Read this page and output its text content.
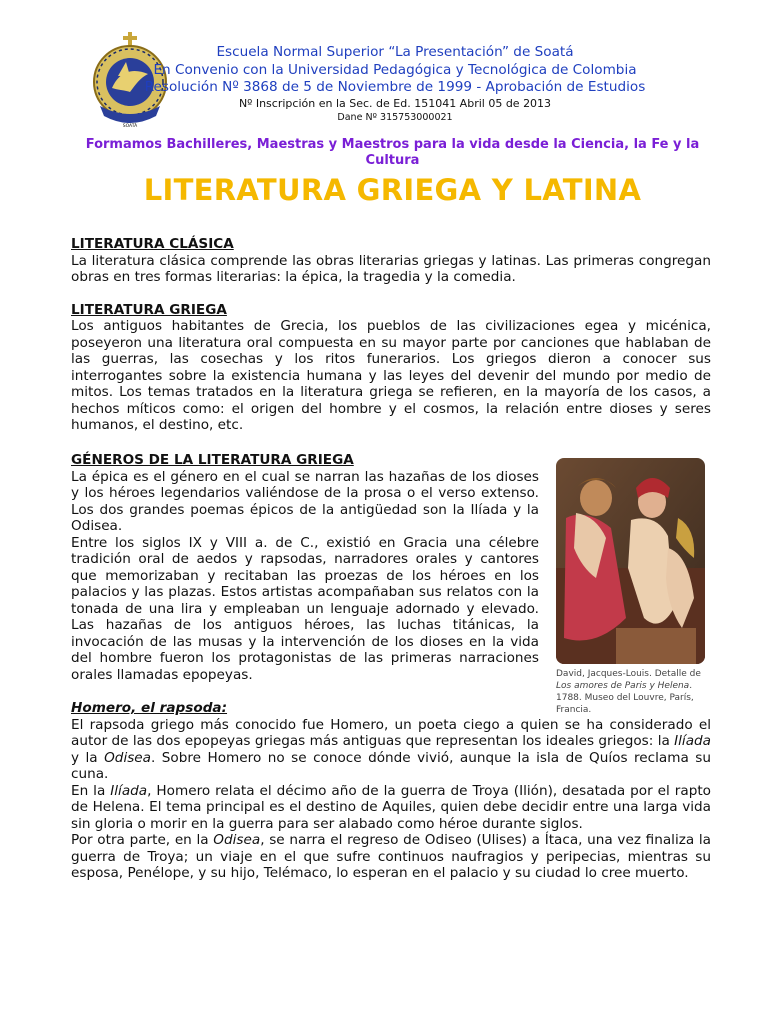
SOATÁ
Escuela Normal Superior “La Presentación” de Soatá
En Convenio con la Universidad Pedagógica y Tecnológica de Colombia
Resolución Nº 3868 de 5 de Noviembre de 1999 - Aprobación de Estudios
Nº Inscripción en la Sec. de Ed. 151041 Abril 05 de 2013
Dane Nº 315753000021
Formamos Bachilleres, Maestras y Maestros para la vida desde la Ciencia, la Fe y la Cultura
LITERATURA GRIEGA Y LATINA
LITERATURA CLÁSICA

La literatura clásica comprende las obras literarias griegas y latinas. Las primeras congregan obras en tres formas literarias: la épica, la tragedia y la comedia.

LITERATURA GRIEGA

Los antiguos habitantes de Grecia, los pueblos de las civilizaciones egea y micénica, poseyeron una literatura oral compuesta en su mayor parte por canciones que hablaban de las guerras, las cosechas y los ritos funerarios. Los griegos dieron a conocer sus interrogantes sobre la existencia humana y las leyes del devenir del mundo por medio de mitos. Los temas tratados en la literatura griega se refieren, en la mayoría de los casos, a hechos míticos como: el origen del hombre y el cosmos, la relación entre dioses y seres humanos, el destino, etc.

GÉNEROS DE LA LITERATURA GRIEGA

La épica es el género en el cual se narran las hazañas de los dioses y los héroes legendarios valiéndose de la prosa o el verso extenso. Los dos grandes poemas épicos de la antigüedad son la Ilíada y la Odisea.

Entre los siglos IX y VIII a. de C., existió en Gracia una célebre tradición oral de aedos y rapsodas, narradores orales y cantores que memorizaban y recitaban las proezas de los héroes en los palacios y las plazas. Estos artistas acompañaban sus relatos con la tonada de una lira y empleaban un lenguaje adornado y elevado. Las hazañas de los antiguos héroes, las luchas titánicas, la invocación de las musas y la intervención de los dioses en la vida del hombre fueron los protagonistas de las primeras narraciones orales llamadas epopeyas.	David, Jacques-Louis. Detalle de Los amores de Paris y Helena. 1788. Museo del Louvre, París, Francia.
Homero, el rapsoda:

El rapsoda griego más conocido fue Homero, un poeta ciego a quien se ha considerado el autor de las dos epopeyas griegas más antiguas que representan los ideales griegos: la Ilíada y la Odisea. Sobre Homero no se conoce dónde vivió, aunque la isla de Quíos reclama su cuna.

En la Ilíada, Homero relata el décimo año de la guerra de Troya (Ilión), desatada por el rapto de Helena. El tema principal es el destino de Aquiles, quien debe decidir entre una larga vida sin gloria o morir en la guerra para ser alabado como héroe durante siglos.

Por otra parte, en la Odisea, se narra el regreso de Odiseo (Ulises) a Ítaca, una vez finaliza la guerra de Troya; un viaje en el que sufre continuos naufragios y peripecias, mientras su esposa, Penélope, y su hijo, Telémaco, lo esperan en el palacio y su ciudad lo cree muerto.
